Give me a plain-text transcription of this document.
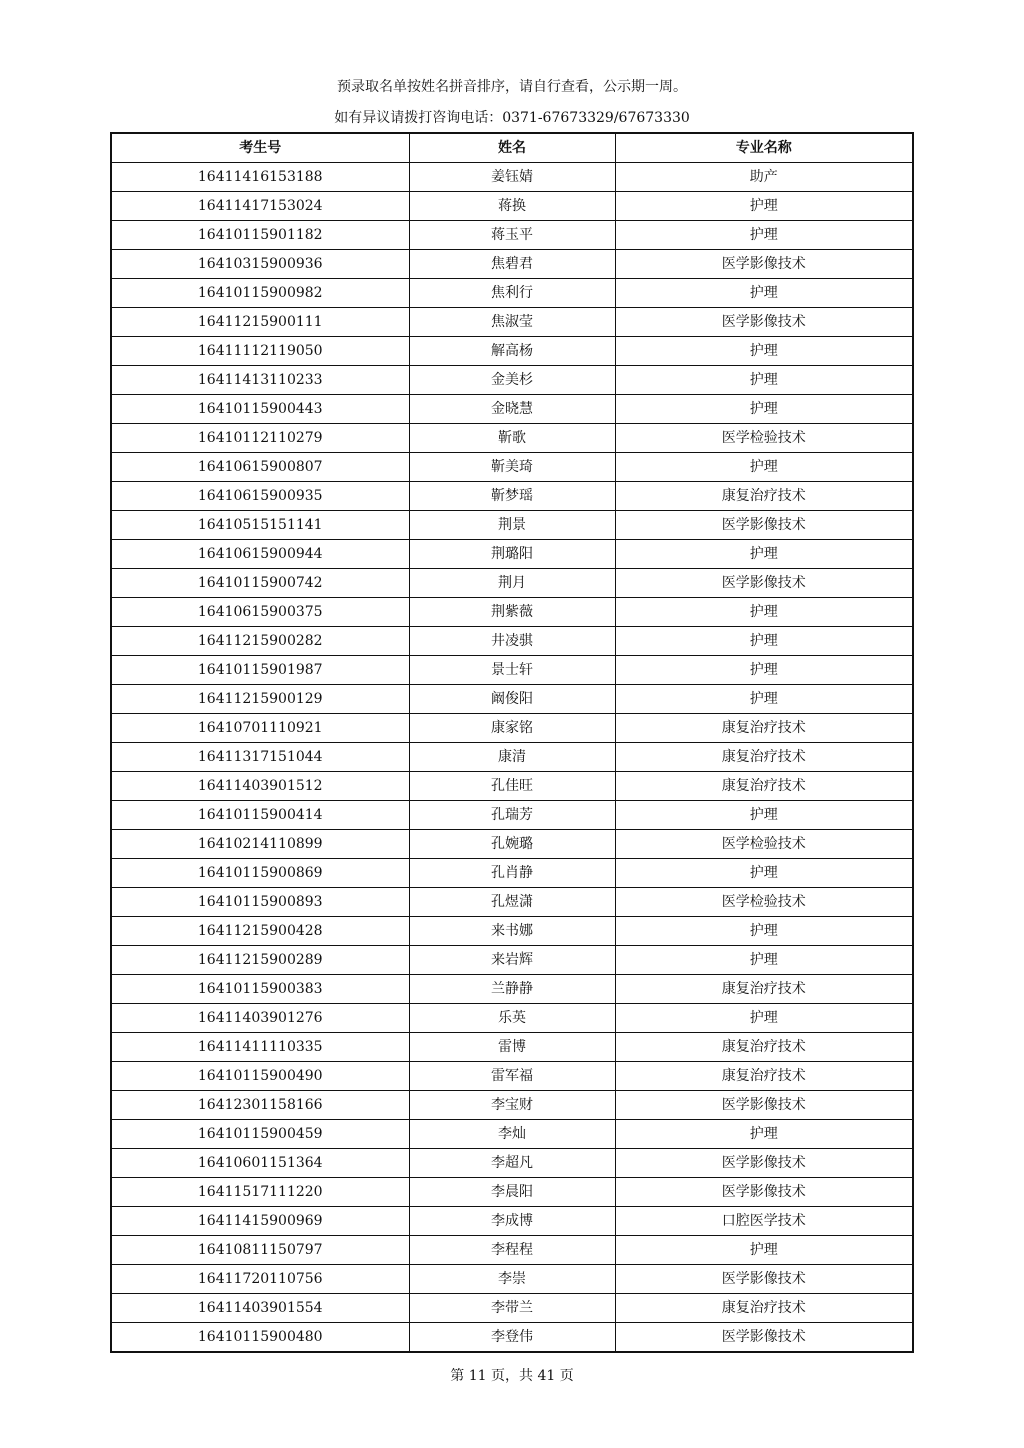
预录取名单按姓名拼音排序，请自行查看，公示期一周。
如有异议请拨打咨询电话：0371-67673329/67673330
考生号	姓名	专业名称
16411416153188	姜钰婧	助产
16411417153024	蒋换	护理
16410115901182	蒋玉平	护理
16410315900936	焦碧君	医学影像技术
16410115900982	焦利行	护理
16411215900111	焦淑莹	医学影像技术
16411112119050	解高杨	护理
16411413110233	金美杉	护理
16410115900443	金晓慧	护理
16410112110279	靳歌	医学检验技术
16410615900807	靳美琦	护理
16410615900935	靳梦瑶	康复治疗技术
16410515151141	荆景	医学影像技术
16410615900944	荆璐阳	护理
16410115900742	荆月	医学影像技术
16410615900375	荆紫薇	护理
16411215900282	井凌骐	护理
16410115901987	景士轩	护理
16411215900129	阚俊阳	护理
16410701110921	康家铭	康复治疗技术
16411317151044	康清	康复治疗技术
16411403901512	孔佳旺	康复治疗技术
16410115900414	孔瑞芳	护理
16410214110899	孔婉璐	医学检验技术
16410115900869	孔肖静	护理
16410115900893	孔煜潇	医学检验技术
16411215900428	来书娜	护理
16411215900289	来岩辉	护理
16410115900383	兰静静	康复治疗技术
16411403901276	乐英	护理
16411411110335	雷博	康复治疗技术
16410115900490	雷军福	康复治疗技术
16412301158166	李宝财	医学影像技术
16410115900459	李灿	护理
16410601151364	李超凡	医学影像技术
16411517111220	李晨阳	医学影像技术
16411415900969	李成博	口腔医学技术
16410811150797	李程程	护理
16411720110756	李崇	医学影像技术
16411403901554	李带兰	康复治疗技术
16410115900480	李登伟	医学影像技术
第 11 页，共 41 页
